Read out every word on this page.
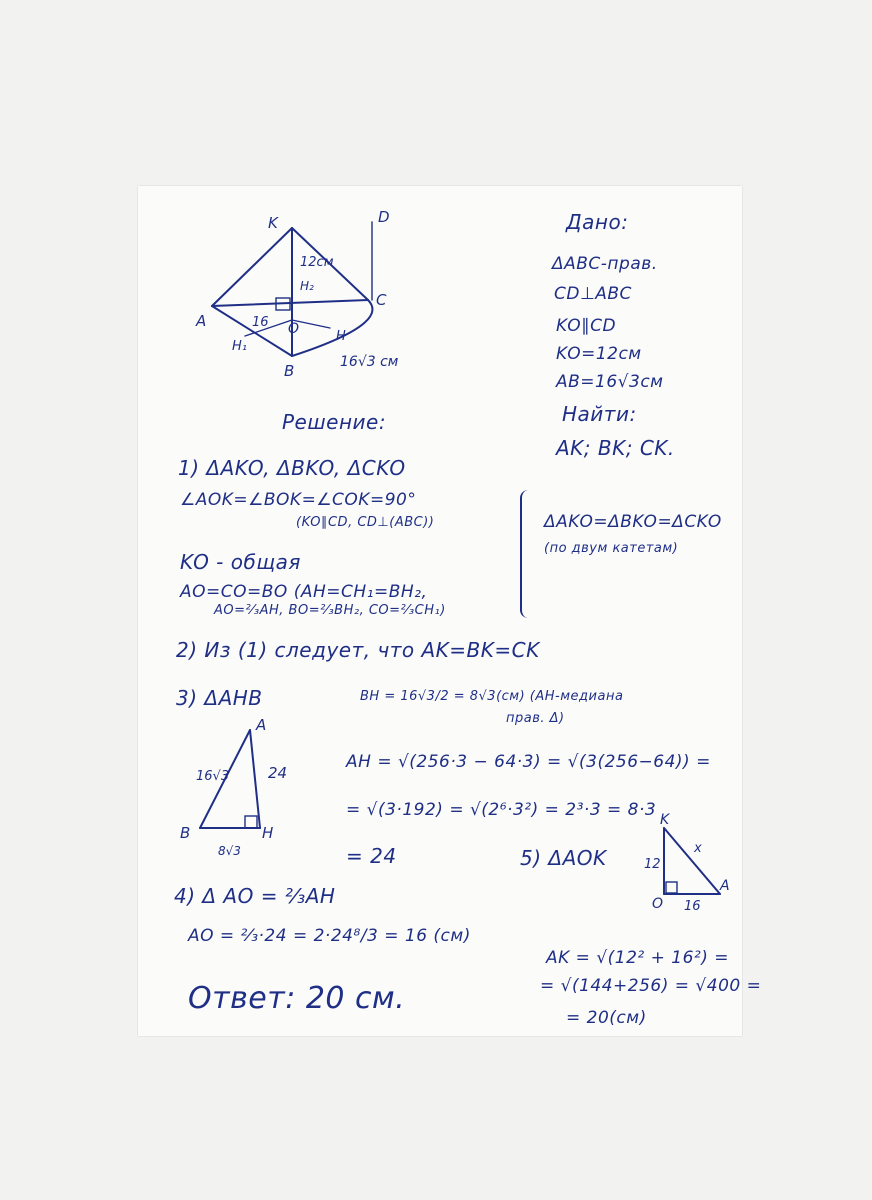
K	D
A
C
B
O	H
H₁
H₂
12см
16
16√3 см
B
A
H
16√3	24
8√3
K
O
A
12
16
x
Дано:
ΔABC-прав.
CD⊥ABC
KO∥CD
KO=12см
AB=16√3см
Найти:
AK; BK; CK.
Решение:
1) ΔAKO, ΔBKO, ΔCKO
∠AOK=∠BOK=∠COK=90°
(KO∥CD, CD⊥(ABC))
KO - общая
AO=CO=BO (AH=CH₁=BH₂,
AO=²⁄₃AH, BO=²⁄₃BH₂, CO=²⁄₃CH₁)
ΔAKO=ΔBKO=ΔCKO
(по двум катетам)
2) Из (1) следует, что AK=BK=CK
3) ΔAHB	BH = 16√3/2 = 8√3(см) (AH-медиана
прав. Δ)
AH = √(256·3 − 64·3) = √(3(256−64)) =
= √(3·192) = √(2⁶·3²) = 2³·3 = 8·3
= 24
4) Δ AO = ²⁄₃AH
AO = ²⁄₃·24 = 2·24⁸/3 = 16 (см)
5) ΔAOK
AK = √(12² + 16²) =
= √(144+256) = √400 =
= 20(см)
Ответ: 20 см.
